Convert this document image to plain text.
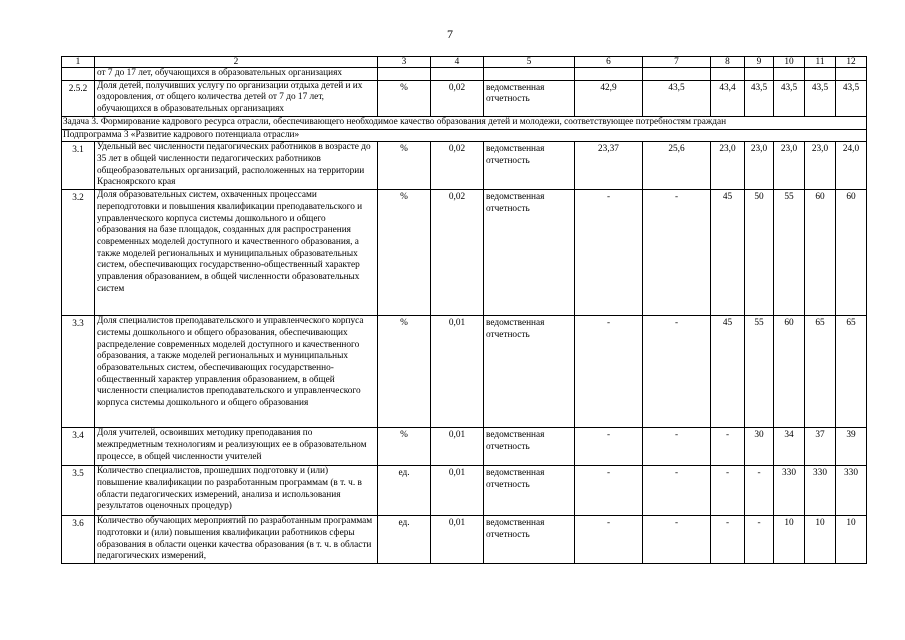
7
1	2	3	4	5	6	7	8	9	10	11	12
	от 7 до 17 лет, обучающихся в образовательных организациях										
2.5.2	Доля детей, получивших услугу по организации отдыха детей и их оздоровления, от общего количества детей от 7 до 17 лет, обучающихся в образовательных организациях	%	0,02	ведомственная отчетность	42,9	43,5	43,4	43,5	43,5	43,5	43,5
Задача 3. Формирование кадрового ресурса отрасли, обеспечивающего необходимое качество образования детей и молодежи, соответствующее потребностям граждан											
Подпрограмма 3 «Развитие кадрового потенциала отрасли»											
3.1	Удельный вес численности педагогических работников в возрасте до 35 лет в общей численности педагогических работников общеобразовательных организаций, расположенных на территории Красноярского края	%	0,02	ведомственная отчетность	23,37	25,6	23,0	23,0	23,0	23,0	24,0
3.2	Доля образовательных систем, охваченных процессами переподготовки и повышения квалификации преподавательского и управленческого корпуса системы дошкольного и общего образования на базе площадок, созданных для распространения современных моделей доступного и качественного образования, а также моделей региональных и муниципальных образовательных систем, обеспечивающих государственно-общественный характер управления образованием, в общей численности образовательных систем	%	0,02	ведомственная отчетность	-	-	45	50	55	60	60
3.3	Доля специалистов преподавательского и управленческого корпуса системы дошкольного и общего образования, обеспечивающих распределение современных моделей доступного и качественного образования, а также моделей региональных и муниципальных образовательных систем, обеспечивающих государственно-общественный характер управления образованием, в общей численности специалистов преподавательского и управленческого корпуса системы дошкольного и общего образования	%	0,01	ведомственная отчетность	-	-	45	55	60	65	65
3.4	Доля учителей, освоивших методику преподавания по межпредметным технологиям и реализующих ее в образовательном процессе, в общей численности учителей	%	0,01	ведомственная отчетность	-	-	-	30	34	37	39
3.5	Количество специалистов, прошедших подготовку и (или) повышение квалификации по разработанным программам (в т. ч. в области педагогических измерений, анализа и использования результатов оценочных процедур)	ед.	0,01	ведомственная отчетность	-	-	-	-	330	330	330
3.6	Количество обучающих мероприятий по разработанным программам подготовки и (или) повышения квалификации работников сферы образования в области оценки качества образования (в т. ч. в области педагогических измерений,	ед.	0,01	ведомственная отчетность	-	-	-	-	10	10	10
